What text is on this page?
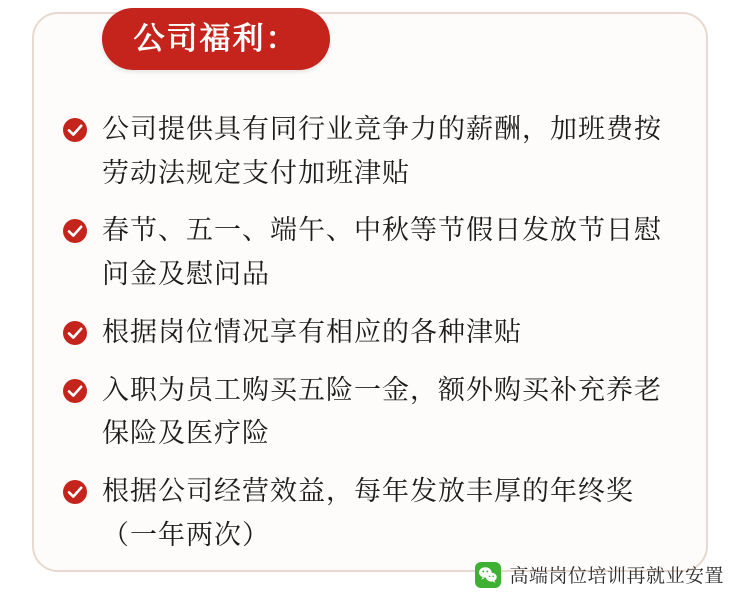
公司福利：
公司提供具有同行业竞争力的薪酬，加班费按劳动法规定支付加班津贴
春节、五一、端午、中秋等节假日发放节日慰问金及慰问品
根据岗位情况享有相应的各种津贴
入职为员工购买五险一金，额外购买补充养老保险及医疗险
根据公司经营效益，每年发放丰厚的年终奖（一年两次）
高端岗位培训再就业安置
